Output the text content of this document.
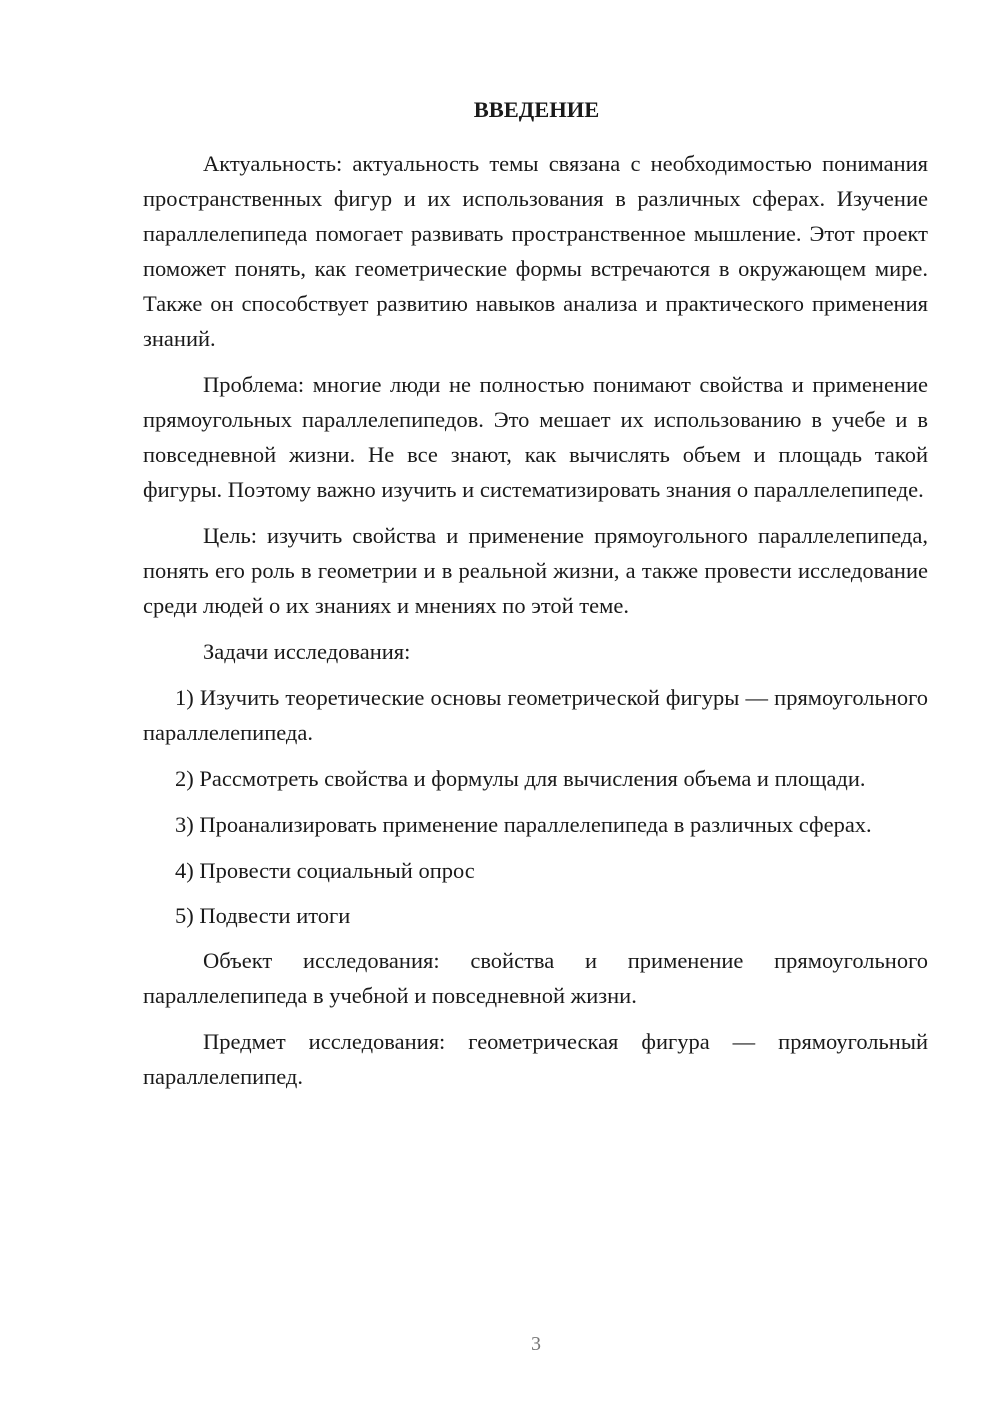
ВВЕДЕНИЕ

Актуальность: актуальность темы связана с необходимостью понимания пространственных фигур и их использования в различных сферах. Изучение параллелепипеда помогает развивать пространственное мышление. Этот проект поможет понять, как геометрические формы встречаются в окружающем мире. Также он способствует развитию навыков анализа и практического применения знаний.

Проблема: многие люди не полностью понимают свойства и применение прямоугольных параллелепипедов. Это мешает их использованию в учебе и в повседневной жизни. Не все знают, как вычислять объем и площадь такой фигуры. Поэтому важно изучить и систематизировать знания о параллелепипеде.

Цель: изучить свойства и применение прямоугольного параллелепипеда, понять его роль в геометрии и в реальной жизни, а также провести исследование среди людей о их знаниях и мнениях по этой теме.

Задачи исследования:

1) Изучить теоретические основы геометрической фигуры — прямоугольного параллелепипеда.

2) Рассмотреть свойства и формулы для вычисления объема и площади.

3) Проанализировать применение параллелепипеда в различных сферах.

4) Провести социальный опрос

5) Подвести итоги

Объект исследования: свойства и применение прямоугольного параллелепипеда в учебной и повседневной жизни.

Предмет исследования: геометрическая фигура — прямоугольный параллелепипед.

3
